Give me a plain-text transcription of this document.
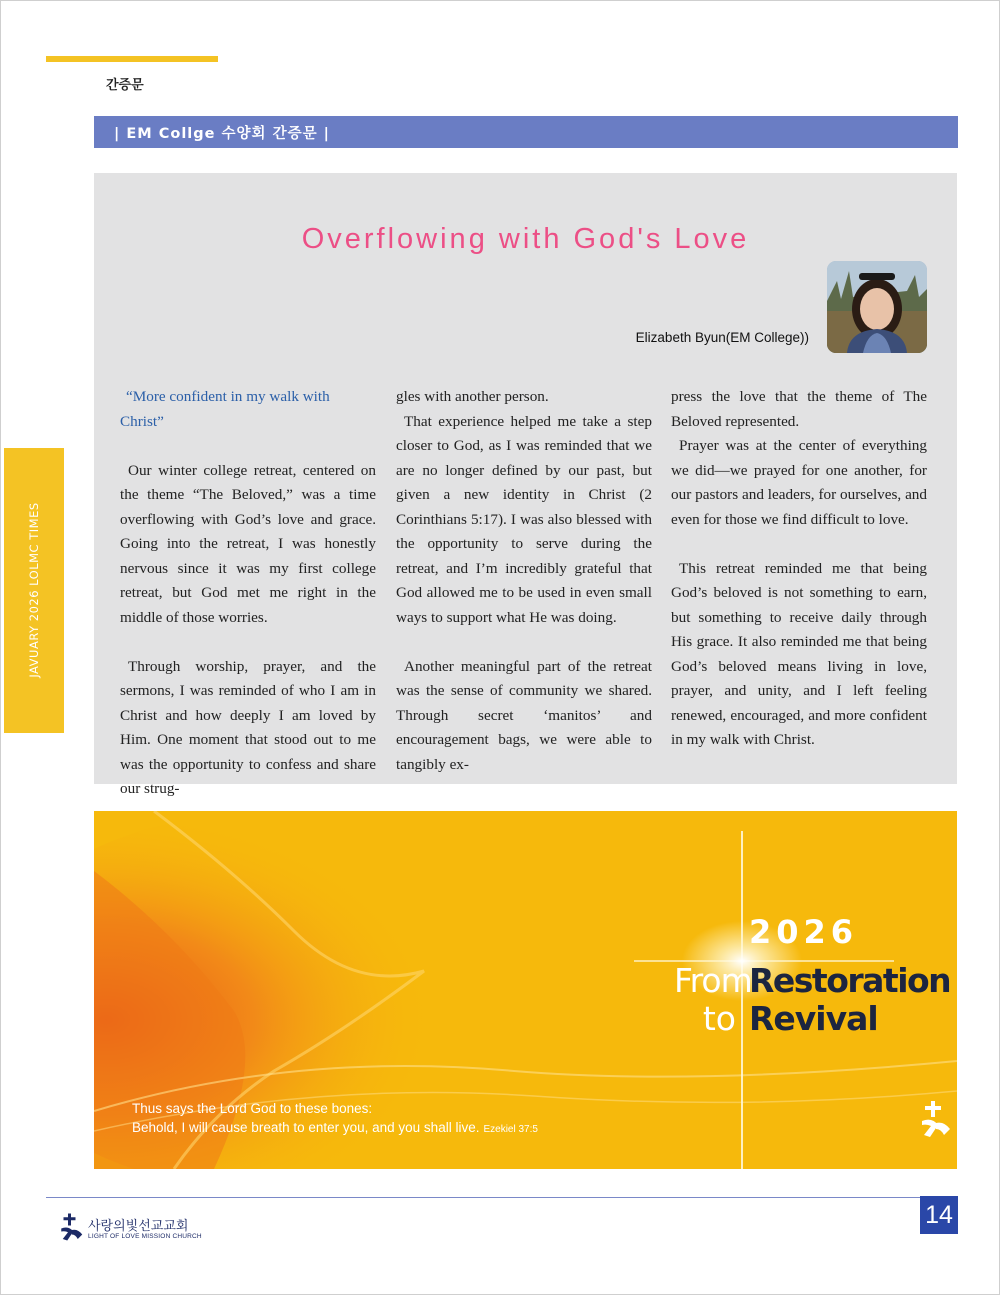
간증문
JAVUARY 2026 LOLMC TIMES
| EM Collge 수양회 간증문 |
Overflowing with God's Love
Elizabeth Byun(EM College))

“More confident in my walk with Christ”

Our winter college retreat, centered on the theme “The Beloved,” was a time overflowing with God’s love and grace. Going into the retreat, I was honestly nervous since it was my first college retreat, but God met me right in the middle of those worries.

Through worship, prayer, and the sermons, I was reminded of who I am in Christ and how deeply I am loved by Him. One moment that stood out to me was the opportunity to confess and share our strug-

gles with another person.

That experience helped me take a step closer to God, as I was reminded that we are no longer defined by our past, but given a new identity in Christ (2 Corinthians 5:17). I was also blessed with the opportunity to serve during the retreat, and I’m incredibly grateful that God allowed me to be used in even small ways to support what He was doing.

Another meaningful part of the retreat was the sense of community we shared. Through secret ‘manitos’ and encouragement bags, we were able to tangibly ex-

press the love that the theme of The Beloved represented.

Prayer was at the center of everything we did—we prayed for one another, for our pastors and leaders, for ourselves, and even for those we find difficult to love.

This retreat reminded me that being God’s beloved is not something to earn, but something to receive daily through His grace. It also reminded me that being God’s beloved means living in love, prayer, and unity, and I left feeling renewed, encouraged, and more confident in my walk with Christ.

2026
From
to
Restoration
Revival
Thus says the Lord God to these bones:
Behold, I will cause breath to enter you, and you shall live. Ezekiel 37:5
사랑의빛선교교회
LIGHT OF LOVE MISSION CHURCH
14
